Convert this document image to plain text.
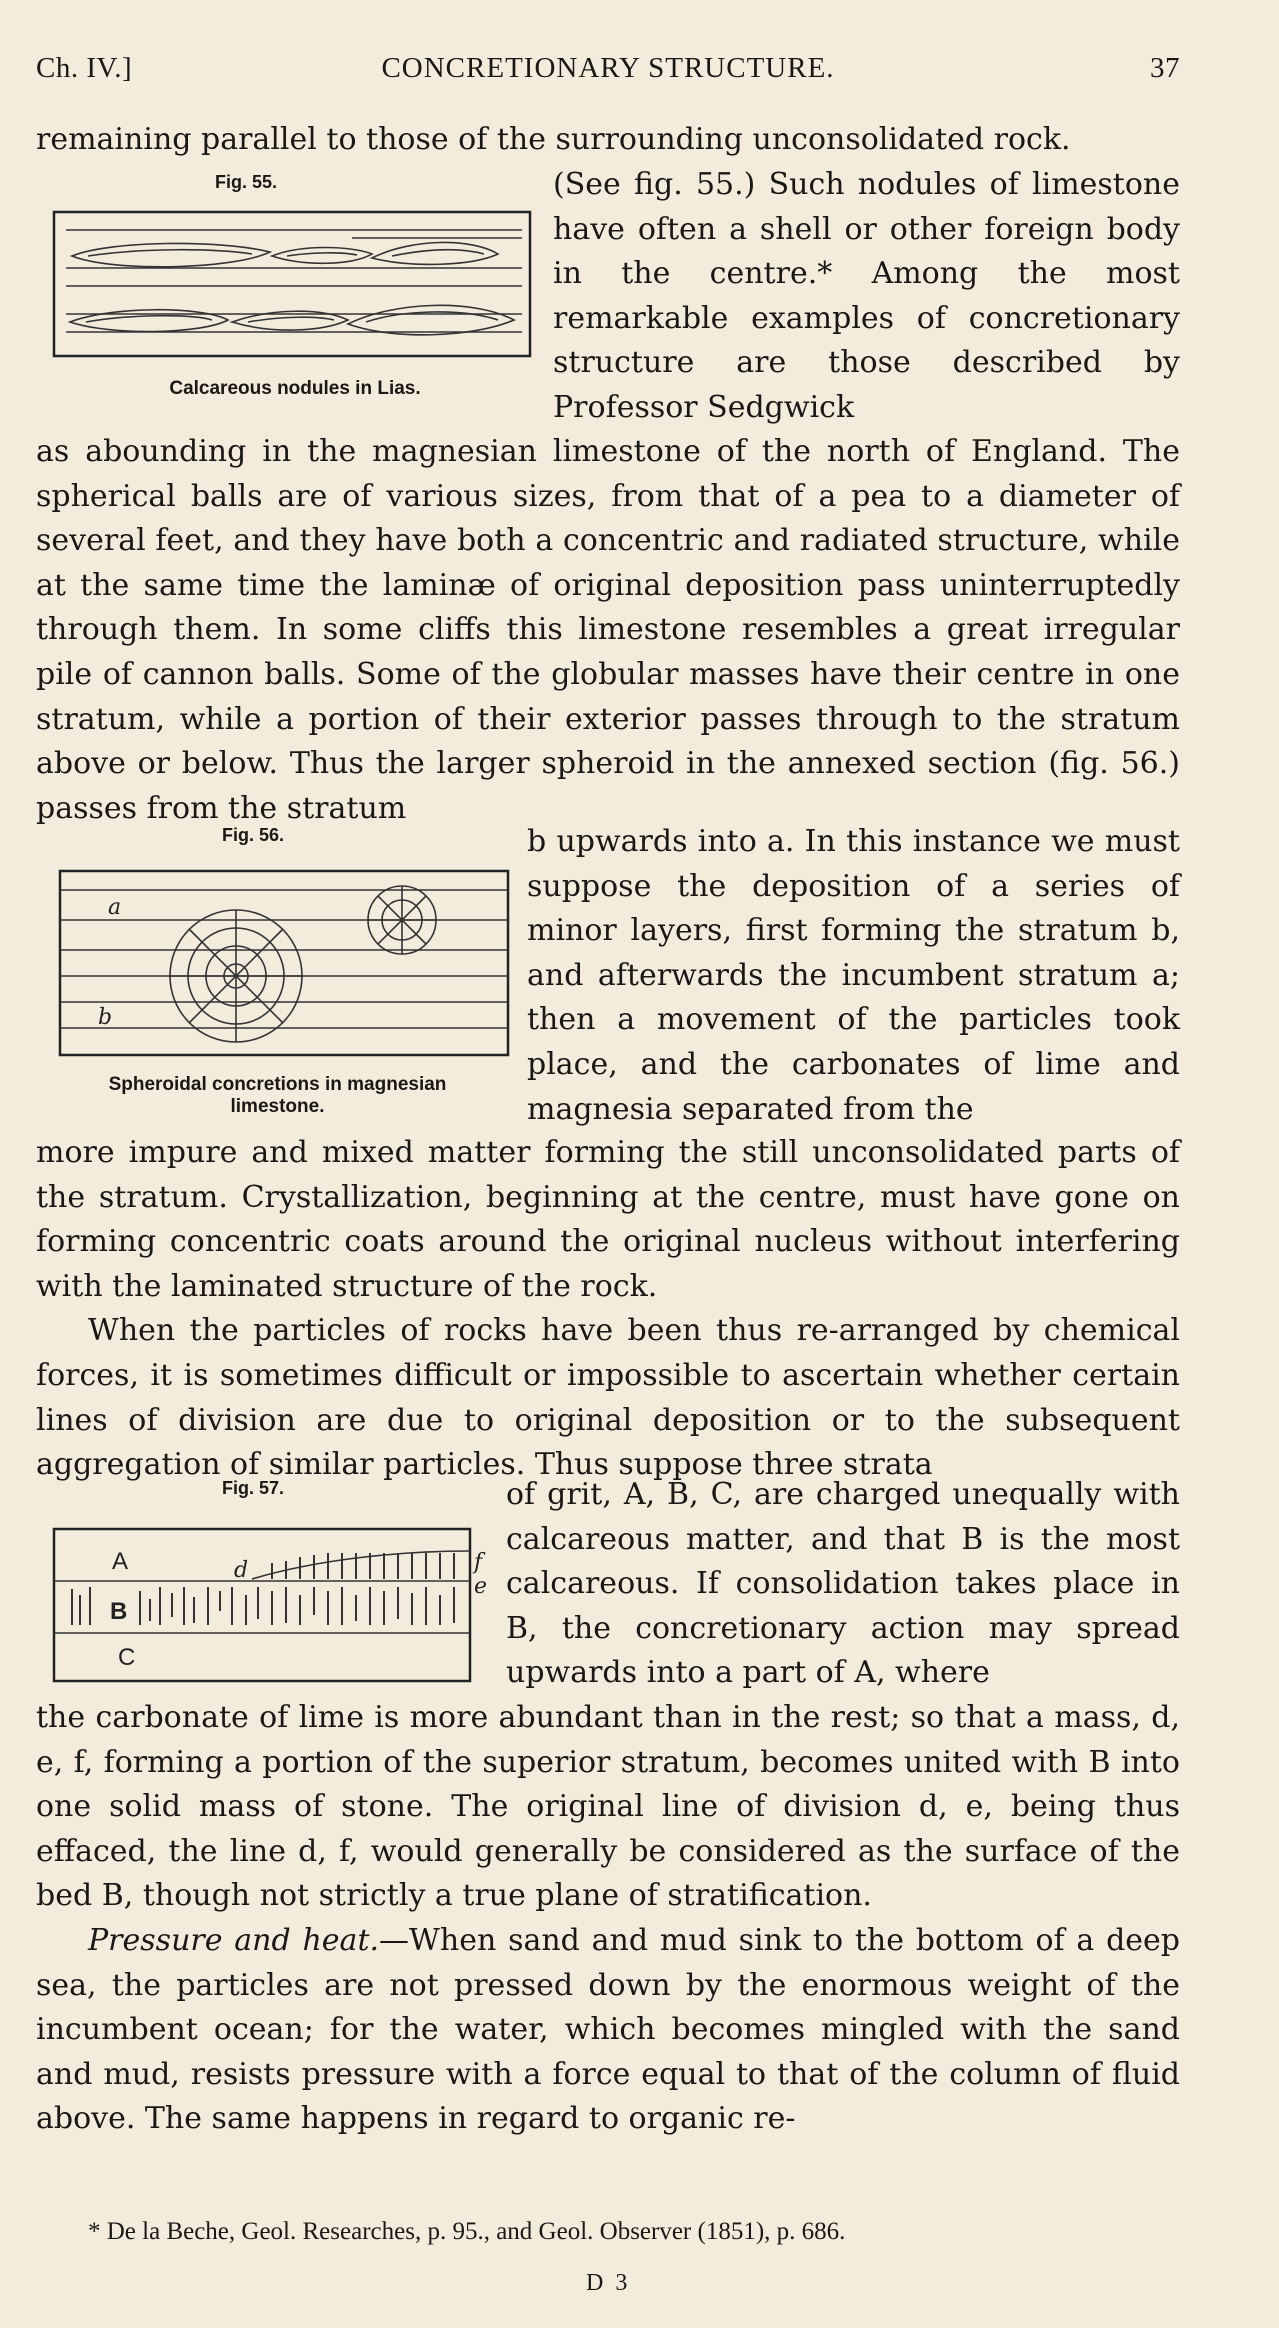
Ch. IV.]	CONCRETIONARY STRUCTURE.	37

remaining parallel to those of the surrounding unconsolidated rock.

Fig. 55.
Calcareous nodules in Lias.

(See fig. 55.) Such nodules of limestone have often a shell or other foreign body in the centre.* Among the most remarkable examples of concretionary structure are those described by Professor Sedgwick

as abounding in the magnesian limestone of the north of England. The spherical balls are of various sizes, from that of a pea to a diameter of several feet, and they have both a concentric and radiated structure, while at the same time the laminæ of original deposition pass uninterruptedly through them. In some cliffs this limestone resembles a great irregular pile of cannon balls. Some of the globular masses have their centre in one stratum, while a portion of their exterior passes through to the stratum above or below. Thus the larger spheroid in the annexed section (fig. 56.) passes from the stratum

Fig. 56.
a
b
Spheroidal concretions in magnesian
limestone.

b upwards into a. In this instance we must suppose the deposition of a series of minor layers, first forming the stratum b, and afterwards the incumbent stratum a; then a movement of the particles took place, and the carbonates of lime and magnesia separated from the

more impure and mixed matter forming the still unconsolidated parts of the stratum. Crystallization, beginning at the centre, must have gone on forming concentric coats around the original nucleus without interfering with the laminated structure of the rock.

When the particles of rocks have been thus re-arranged by chemical forces, it is sometimes difficult or impossible to ascertain whether certain lines of division are due to original deposition or to the subsequent aggregation of similar particles. Thus suppose three strata

Fig. 57.
A
B
C
d	f
e

of grit, A, B, C, are charged unequally with calcareous matter, and that B is the most calcareous. If consolidation takes place in B, the concretionary action may spread upwards into a part of A, where

the carbonate of lime is more abundant than in the rest; so that a mass, d, e, f, forming a portion of the superior stratum, becomes united with B into one solid mass of stone. The original line of division d, e, being thus effaced, the line d, f, would generally be considered as the surface of the bed B, though not strictly a true plane of stratification.

Pressure and heat.—When sand and mud sink to the bottom of a deep sea, the particles are not pressed down by the enormous weight of the incumbent ocean; for the water, which becomes mingled with the sand and mud, resists pressure with a force equal to that of the column of fluid above. The same happens in regard to organic re-

* De la Beche, Geol. Researches, p. 95., and Geol. Observer (1851), p. 686.
D 3
